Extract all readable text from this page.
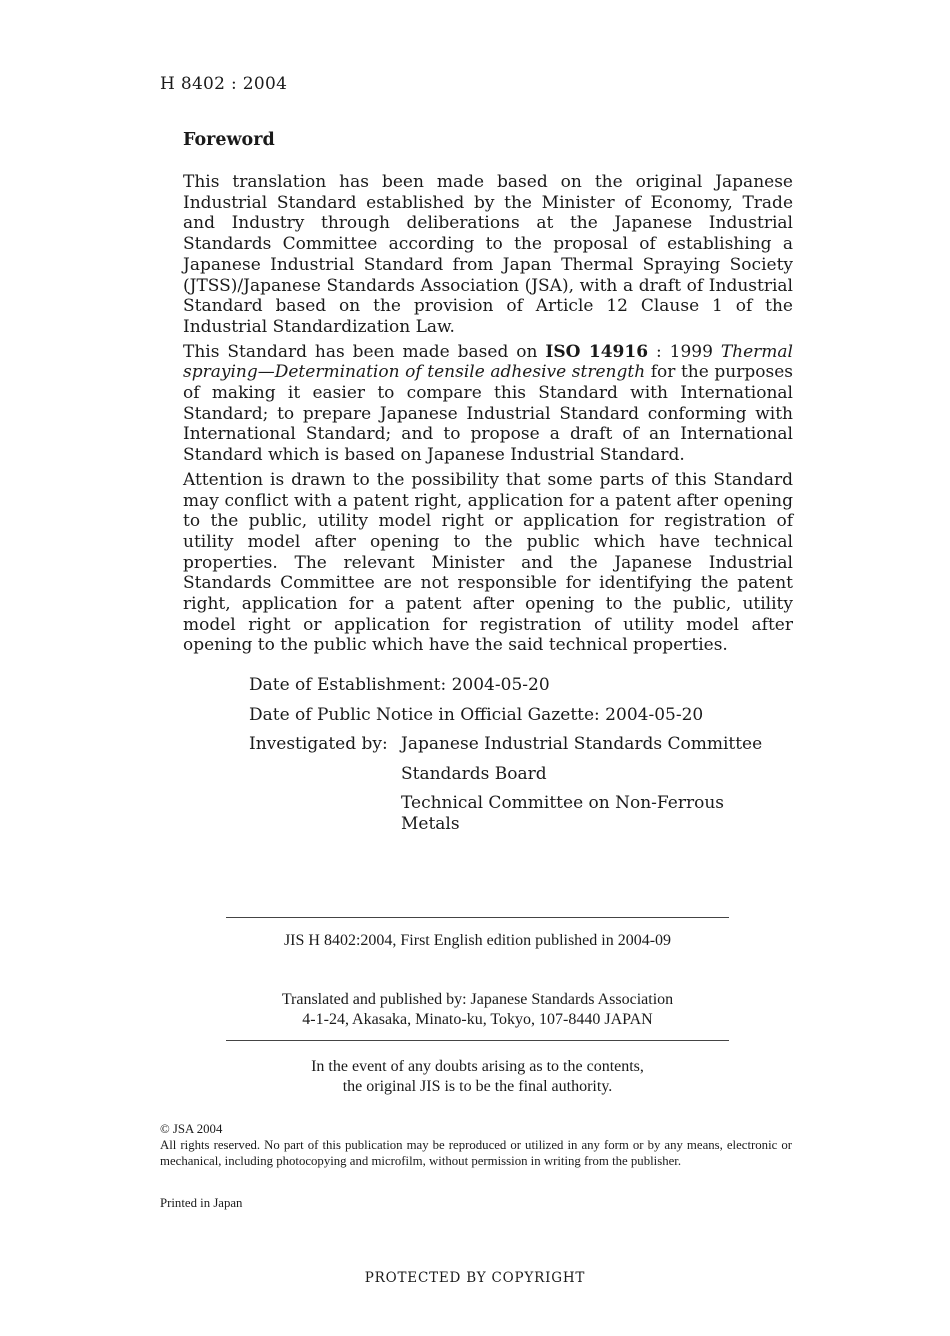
H 8402 : 2004
Foreword

This translation has been made based on the original Japanese Industrial Standard established by the Minister of Economy, Trade and Industry through deliberations at the Japanese Industrial Standards Committee according to the proposal of establishing a Japanese Industrial Standard from Japan Thermal Spraying Society (JTSS)/Japanese Standards Association (JSA), with a draft of Industrial Standard based on the provision of Article 12 Clause 1 of the Industrial Standardization Law.

This Standard has been made based on ISO 14916 : 1999 Thermal spraying—Determination of tensile adhesive strength for the purposes of making it easier to compare this Standard with International Standard; to prepare Japanese Industrial Standard conforming with International Standard; and to propose a draft of an International Standard which is based on Japanese Industrial Standard.

Attention is drawn to the possibility that some parts of this Standard may conflict with a patent right, application for a patent after opening to the public, utility model right or application for registration of utility model after opening to the public which have technical properties. The relevant Minister and the Japanese Industrial Standards Committee are not responsible for identifying the patent right, application for a patent after opening to the public, utility model right or application for registration of utility model after opening to the public which have the said technical properties.

Date of Establishment: 2004-05-20
Date of Public Notice in Official Gazette: 2004-05-20
Investigated by: Japanese Industrial Standards Committee
Standards Board
Technical Committee on Non-Ferrous Metals
JIS H 8402:2004, First English edition published in 2004-09
Translated and published by: Japanese Standards Association
4-1-24, Akasaka, Minato-ku, Tokyo, 107-8440 JAPAN
In the event of any doubts arising as to the contents,
the original JIS is to be the final authority.
© JSA 2004
All rights reserved. No part of this publication may be reproduced or utilized in any form or by any means, electronic or mechanical, including photocopying and microfilm, without permission in writing from the publisher.
Printed in Japan
PROTECTED BY COPYRIGHT
